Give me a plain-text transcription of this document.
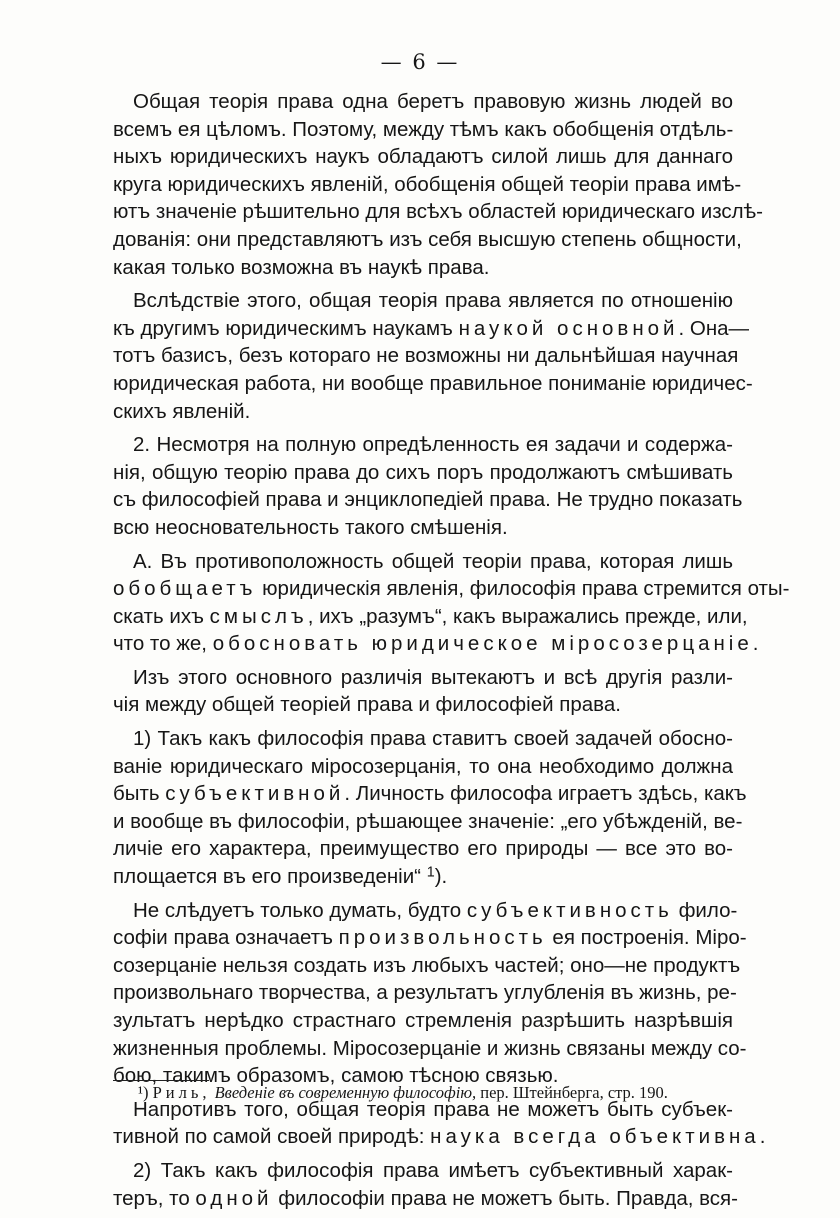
— 6 —
Общая теорія права одна беретъ правовую жизнь людей во
всемъ ея цѣломъ. Поэтому, между тѣмъ какъ обобщенія отдѣль-
ныхъ юридическихъ наукъ обладаютъ силой лишь для даннаго
круга юридическихъ явленій, обобщенія общей теоріи права имѣ-
ютъ значеніе рѣшительно для всѣхъ областей юридическаго изслѣ-
дованія: они представляютъ изъ себя высшую степень общности,
какая только возможна въ наукѣ права.
Вслѣдствіе этого, общая теорія права является по отношенію
къ другимъ юридическимъ наукамъ наукой основной. Она—
тотъ базисъ, безъ котораго не возможны ни дальнѣйшая научная
юридическая работа, ни вообще правильное пониманіе юридичес-
скихъ явленій.
2. Несмотря на полную опредѣленность ея задачи и содержа-
нія, общую теорію права до сихъ поръ продолжаютъ смѣшивать
съ философіей права и энциклопедіей права. Не трудно показать
всю неосновательность такого смѣшенія.
А. Въ противоположность общей теоріи права, которая лишь
обобщаетъ юридическія явленія, философія права стремится оты-
скать ихъ смыслъ, ихъ „разумъ“, какъ выражались прежде, или,
что то же, обосновать юридическое міросозерцаніе.
Изъ этого основного различія вытекаютъ и всѣ другія разли-
чія между общей теоріей права и философіей права.
1) Такъ какъ философія права ставитъ своей задачей обосно-
ваніе юридическаго міросозерцанія, то она необходимо должна
быть субъективной. Личность философа играетъ здѣсь, какъ
и вообще въ философіи, рѣшающее значеніе: „его убѣжденій, ве-
личіе его характера, преимущество его природы — все это во-
площается въ его произведеніи“ $^1$).
Не слѣдуетъ только думать, будто субъективность фило-
софіи права означаетъ произвольность ея построенія. Міро-
созерцаніе нельзя создать изъ любыхъ частей; оно—не продуктъ
произвольнаго творчества, а результатъ углубленія въ жизнь, ре-
зультатъ нерѣдко страстнаго стремленія разрѣшить назрѣвшія
жизненныя проблемы. Міросозерцаніе и жизнь связаны между со-
бою, такимъ образомъ, самою тѣсною связью.
Напротивъ того, общая теорія права не можетъ быть субъек-
тивной по самой своей природѣ: наука всегда объективна.
2) Такъ какъ философія права имѣетъ субъективный харак-
теръ, то одной философіи права не можетъ быть. Правда, вся-
¹) Риль, Введеніе въ современную философію, пер. Штейнберга, стр. 190.
